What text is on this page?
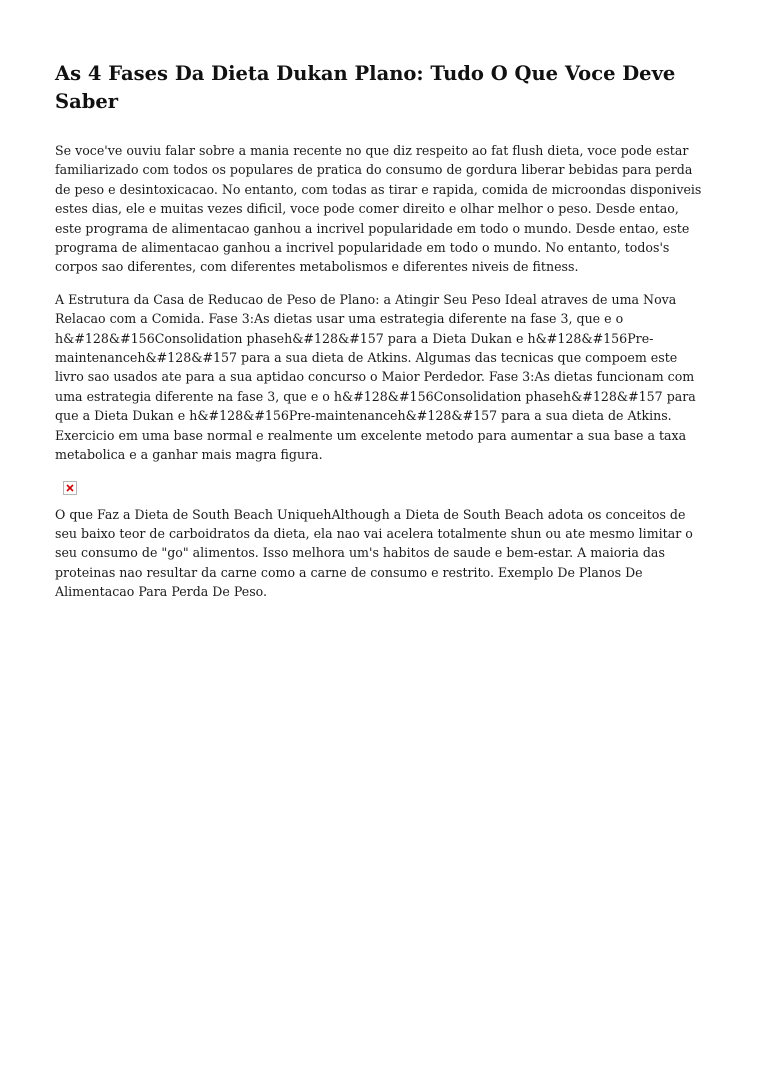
As 4 Fases Da Dieta Dukan Plano: Tudo O Que Voce Deve Saber

Se voce've ouviu falar sobre a mania recente no que diz respeito ao fat flush dieta, voce pode estar familiarizado com todos os populares de pratica do consumo de gordura liberar bebidas para perda de peso e desintoxicacao. No entanto, com todas as tirar e rapida, comida de microondas disponiveis estes dias, ele e muitas vezes dificil, voce pode comer direito e olhar melhor o peso. Desde entao, este programa de alimentacao ganhou a incrivel popularidade em todo o mundo. Desde entao, este programa de alimentacao ganhou a incrivel popularidade em todo o mundo. No entanto, todos's corpos sao diferentes, com diferentes metabolismos e diferentes niveis de fitness.

A Estrutura da Casa de Reducao de Peso de Plano: a Atingir Seu Peso Ideal atraves de uma Nova Relacao com a Comida. Fase 3:As dietas usar uma estrategia diferente na fase 3, que e o h&#128&#156Consolidation phaseh&#128&#157 para a Dieta Dukan e h&#128&#156Pre-maintenanceh&#128&#157 para a sua dieta de Atkins. Algumas das tecnicas que compoem este livro sao usados ate para a sua aptidao concurso o Maior Perdedor. Fase 3:As dietas funcionam com uma estrategia diferente na fase 3, que e o h&#128&#156Consolidation phaseh&#128&#157 para que a Dieta Dukan e h&#128&#156Pre-maintenanceh&#128&#157 para a sua dieta de Atkins. Exercicio em uma base normal e realmente um excelente metodo para aumentar a sua base a taxa metabolica e a ganhar mais magra figura.

O que Faz a Dieta de South Beach UniquehAlthough a Dieta de South Beach adota os conceitos de seu baixo teor de carboidratos da dieta, ela nao vai acelera totalmente shun ou ate mesmo limitar o seu consumo de "go" alimentos. Isso melhora um's habitos de saude e bem-estar. A maioria das proteinas nao resultar da carne como a carne de consumo e restrito. Exemplo De Planos De Alimentacao Para Perda De Peso.
